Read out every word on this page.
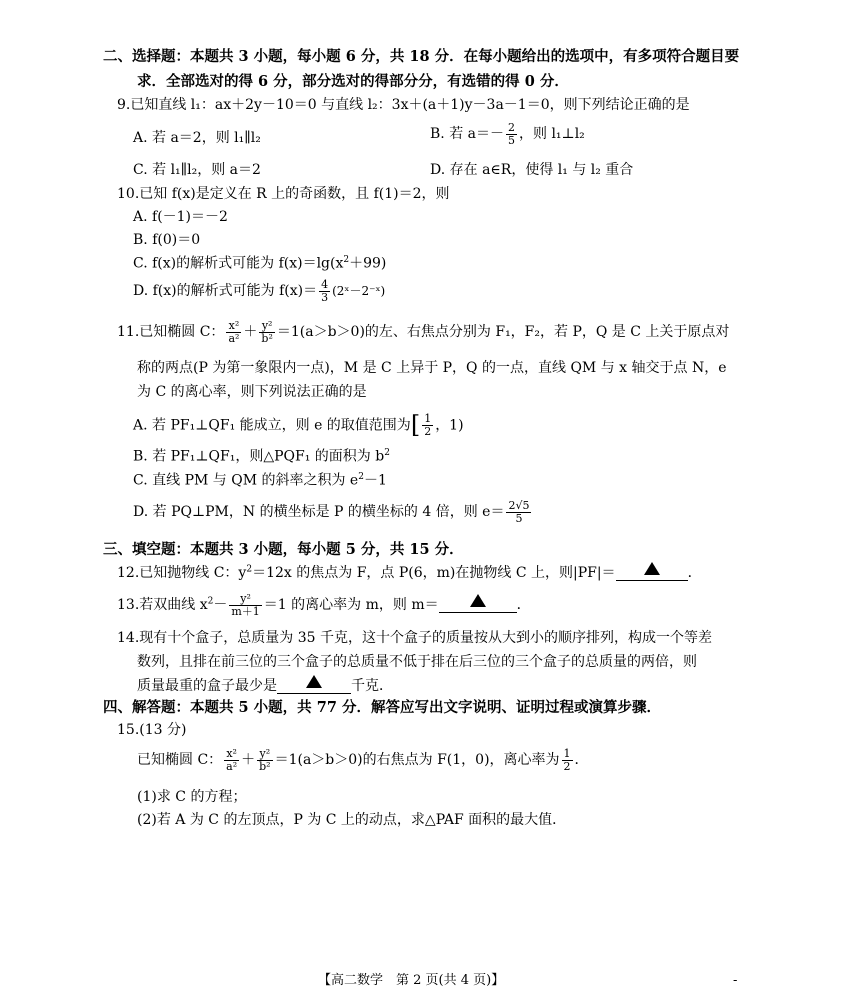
二、选择题：本题共 3 小题，每小题 6 分，共 18 分．在每小题给出的选项中，有多项符合题目要
求．全部选对的得 6 分，部分选对的得部分分，有选错的得 0 分．
9.已知直线 l₁：ax＋2y－10＝0 与直线 l₂：3x＋(a＋1)y－3a－1＝0，则下列结论正确的是
A. 若 a＝2，则 l₁∥l₂	B. 若 $a=- \frac{2}{5}$ ，则 l₁⊥l₂
C. 若 l₁∥l₂，则 a＝2	D. 存在 a∈R，使得 l₁ 与 l₂ 重合
10.已知 f(x)是定义在 R 上的奇函数，且 f(1)＝2，则
A. f(－1)＝－2
B. f(0)＝0
C. f(x)的解析式可能为 $f(x)=\lg(x^2+99)$
D. f(x)的解析式可能为 $f(x)= \frac{4}{3}$ (2ˣ－2⁻ˣ)
11.已知椭圆 C： $\frac{\text{x²}}{\text{a²}} + \frac{\text{y²}}{\text{b²}} =1(a>b>0)$的左、右焦点分别为 F₁，F₂，若 P，Q 是 C 上关于原点对
称的两点(P 为第一象限内一点)，M 是 C 上异于 P，Q 的一点，直线 QM 与 x 轴交于点 N，e
为 C 的离心率，则下列说法正确的是
A. 若 PF₁⊥QF₁ 能成立，则 e 的取值范围为[ $\frac{1}{2}$ ，1)
B. 若 PF₁⊥QF₁，则△PQF₁ 的面积为 $b^2$
C. 直线 PM 与 QM 的斜率之积为 $e^2-1$
D. 若 PQ⊥PM，N 的横坐标是 P 的横坐标的 4 倍，则 $e= \frac{2√5}{5}$
三、填空题：本题共 3 小题，每小题 5 分，共 15 分．
12.已知抛物线 C：$y^2=12x$ 的焦点为 F，点 P(6，m)在抛物线 C 上，则|PF|＝	．
13.若双曲线 $x^2- \frac{\text{y²}}{m+1} =1$ 的离心率为 m，则 m＝	．
14.现有十个盒子，总质量为 35 千克，这十个盒子的质量按从大到小的顺序排列，构成一个等差
数列，且排在前三位的三个盒子的总质量不低于排在后三位的三个盒子的总质量的两倍，则
质量最重的盒子最少是	千克．
四、解答题：本题共 5 小题，共 77 分．解答应写出文字说明、证明过程或演算步骤．
15.(13 分)
已知椭圆 C： $\frac{\text{x²}}{\text{a²}} + \frac{\text{y²}}{\text{b²}} =1(a>b>0)$的右焦点为 F(1，0)，离心率为 $\frac{1}{2}$ ．
(1)求 C 的方程；
(2)若 A 为 C 的左顶点，P 为 C 上的动点，求△PAF 面积的最大值．
【高二数学　第 2 页(共 4 页)】	-
